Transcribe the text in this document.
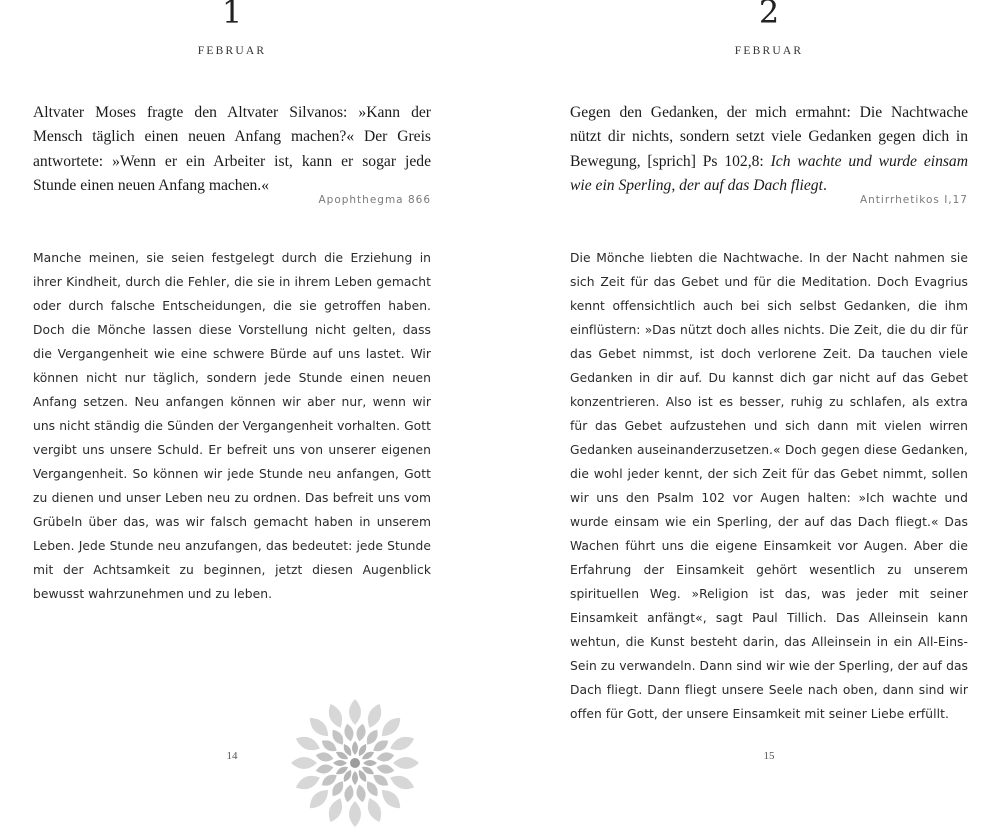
1
FEBRUAR

Altvater Moses fragte den Altvater Silvanos: »Kann der Mensch täglich einen neuen Anfang machen?« Der Greis antwortete: »Wenn er ein Arbeiter ist, kann er sogar jede Stunde einen neuen Anfang machen.«

Apophthegma 866

Manche meinen, sie seien festgelegt durch die Erziehung in ihrer Kindheit, durch die Fehler, die sie in ihrem Leben gemacht oder durch falsche Entscheidungen, die sie getroffen haben. Doch die Mönche lassen diese Vorstellung nicht gelten, dass die Vergangenheit wie eine schwere Bürde auf uns lastet. Wir können nicht nur täglich, sondern jede Stunde einen neuen Anfang setzen. Neu anfangen können wir aber nur, wenn wir uns nicht ständig die Sünden der Vergangenheit vorhalten. Gott vergibt uns unsere Schuld. Er befreit uns von unserer eigenen Vergangenheit. So können wir jede Stunde neu anfangen, Gott zu dienen und unser Leben neu zu ordnen. Das befreit uns vom Grübeln über das, was wir falsch gemacht haben in unserem Leben. Jede Stunde neu anzufangen, das bedeutet: jede Stunde mit der Achtsamkeit zu beginnen, jetzt diesen Augenblick bewusst wahrzunehmen und zu leben.

14
2
FEBRUAR

Gegen den Gedanken, der mich ermahnt: Die Nachtwache nützt dir nichts, sondern setzt viele Gedanken gegen dich in Bewegung, [sprich] Ps 102,8: Ich wachte und wurde einsam wie ein Sperling, der auf das Dach fliegt.

Antirrhetikos I,17

Die Mönche liebten die Nachtwache. In der Nacht nahmen sie sich Zeit für das Gebet und für die Meditation. Doch Evagrius kennt offensichtlich auch bei sich selbst Gedanken, die ihm einflüstern: »Das nützt doch alles nichts. Die Zeit, die du dir für das Gebet nimmst, ist doch verlorene Zeit. Da tauchen viele Gedanken in dir auf. Du kannst dich gar nicht auf das Gebet konzentrieren. Also ist es besser, ruhig zu schlafen, als extra für das Gebet aufzustehen und sich dann mit vielen wirren Gedanken auseinanderzusetzen.« Doch gegen diese Gedanken, die wohl jeder kennt, der sich Zeit für das Gebet nimmt, sollen wir uns den Psalm 102 vor Augen halten: »Ich wachte und wurde einsam wie ein Sperling, der auf das Dach fliegt.« Das Wachen führt uns die eigene Einsamkeit vor Augen. Aber die Erfahrung der Einsamkeit gehört wesentlich zu unserem spirituellen Weg. »Religion ist das, was jeder mit seiner Einsamkeit anfängt«, sagt Paul Tillich. Das Alleinsein kann wehtun, die Kunst besteht darin, das Alleinsein in ein All-Eins-Sein zu verwandeln. Dann sind wir wie der Sperling, der auf das Dach fliegt. Dann fliegt unsere Seele nach oben, dann sind wir offen für Gott, der unsere Einsamkeit mit seiner Liebe erfüllt.

15
